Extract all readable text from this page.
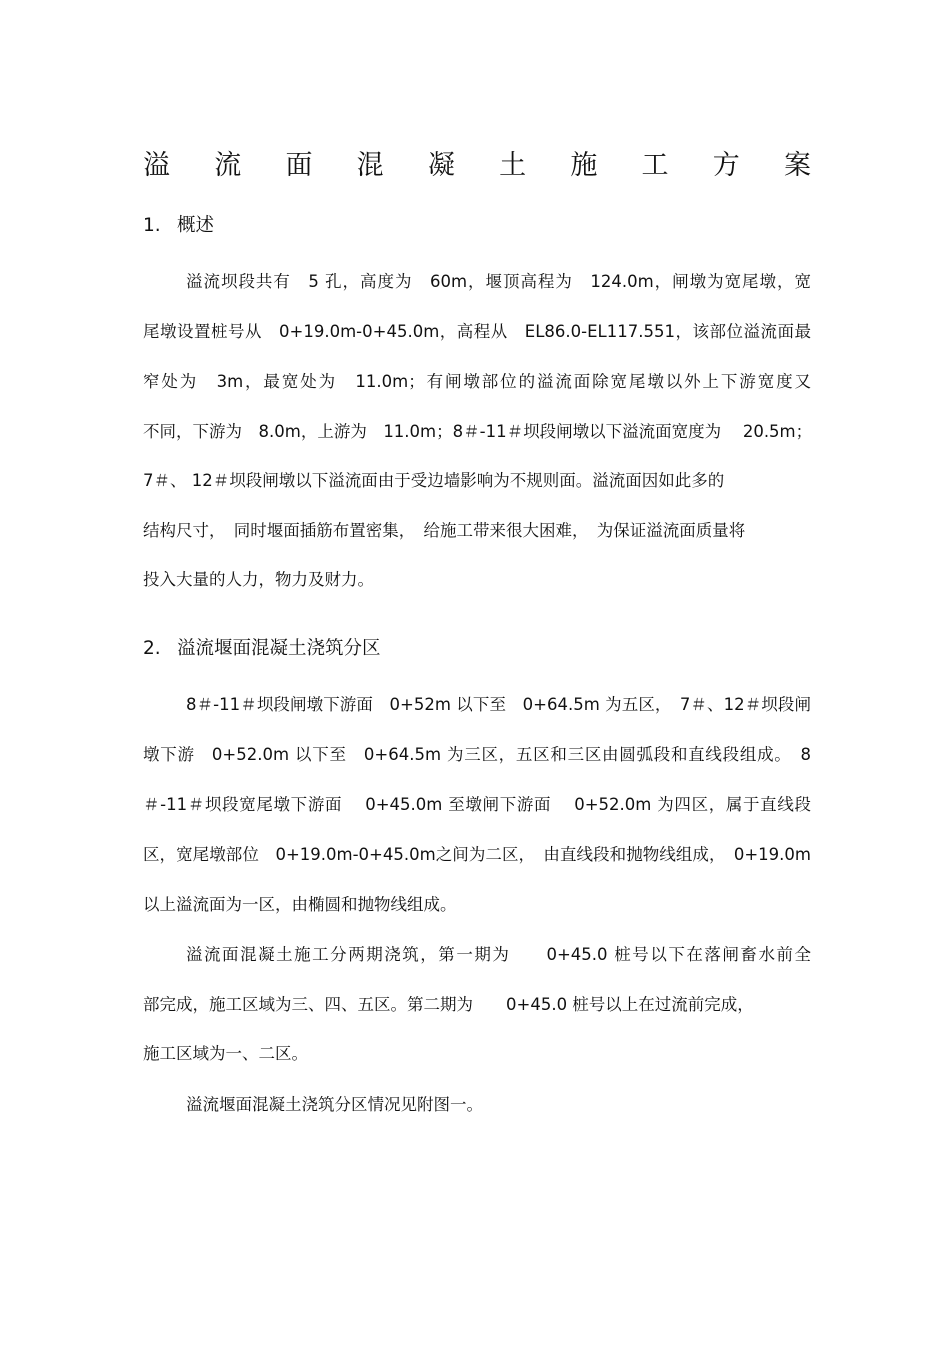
溢 流 面 混 凝 土 施 工 方 案
1. 概述
溢流坝段共有　5 孔，高度为　60m，堰顶高程为　124.0m，闸墩为宽尾墩，宽
尾墩设置桩号从　0+19.0m-0+45.0m，高程从　EL86.0-EL117.551，该部位溢流面最
窄处为　3m，最宽处为　11.0m；有闸墩部位的溢流面除宽尾墩以外上下游宽度又
不同，下游为　8.0m，上游为　11.0m；8＃-11＃坝段闸墩以下溢流面宽度为　 20.5m；
7＃、 12＃坝段闸墩以下溢流面由于受边墙影响为不规则面。溢流面因如此多的
结构尺寸，　同时堰面插筋布置密集，　给施工带来很大困难，　为保证溢流面质量将
投入大量的人力，物力及财力。
2. 溢流堰面混凝土浇筑分区
8＃-11＃坝段闸墩下游面　0+52m 以下至　0+64.5m 为五区，　7＃、12＃坝段闸
墩下游　0+52.0m 以下至　0+64.5m 为三区，五区和三区由圆弧段和直线段组成。　8
＃-11＃坝段宽尾墩下游面　 0+45.0m 至墩闸下游面　 0+52.0m 为四区，属于直线段
区，宽尾墩部位　0+19.0m-0+45.0m之间为二区，　由直线段和抛物线组成，　0+19.0m
以上溢流面为一区，由椭圆和抛物线组成。
溢流面混凝土施工分两期浇筑，第一期为　　0+45.0 桩号以下在落闸畜水前全
部完成，施工区域为三、四、五区。第二期为　　0+45.0 桩号以上在过流前完成，
施工区域为一、二区。
溢流堰面混凝土浇筑分区情况见附图一。
